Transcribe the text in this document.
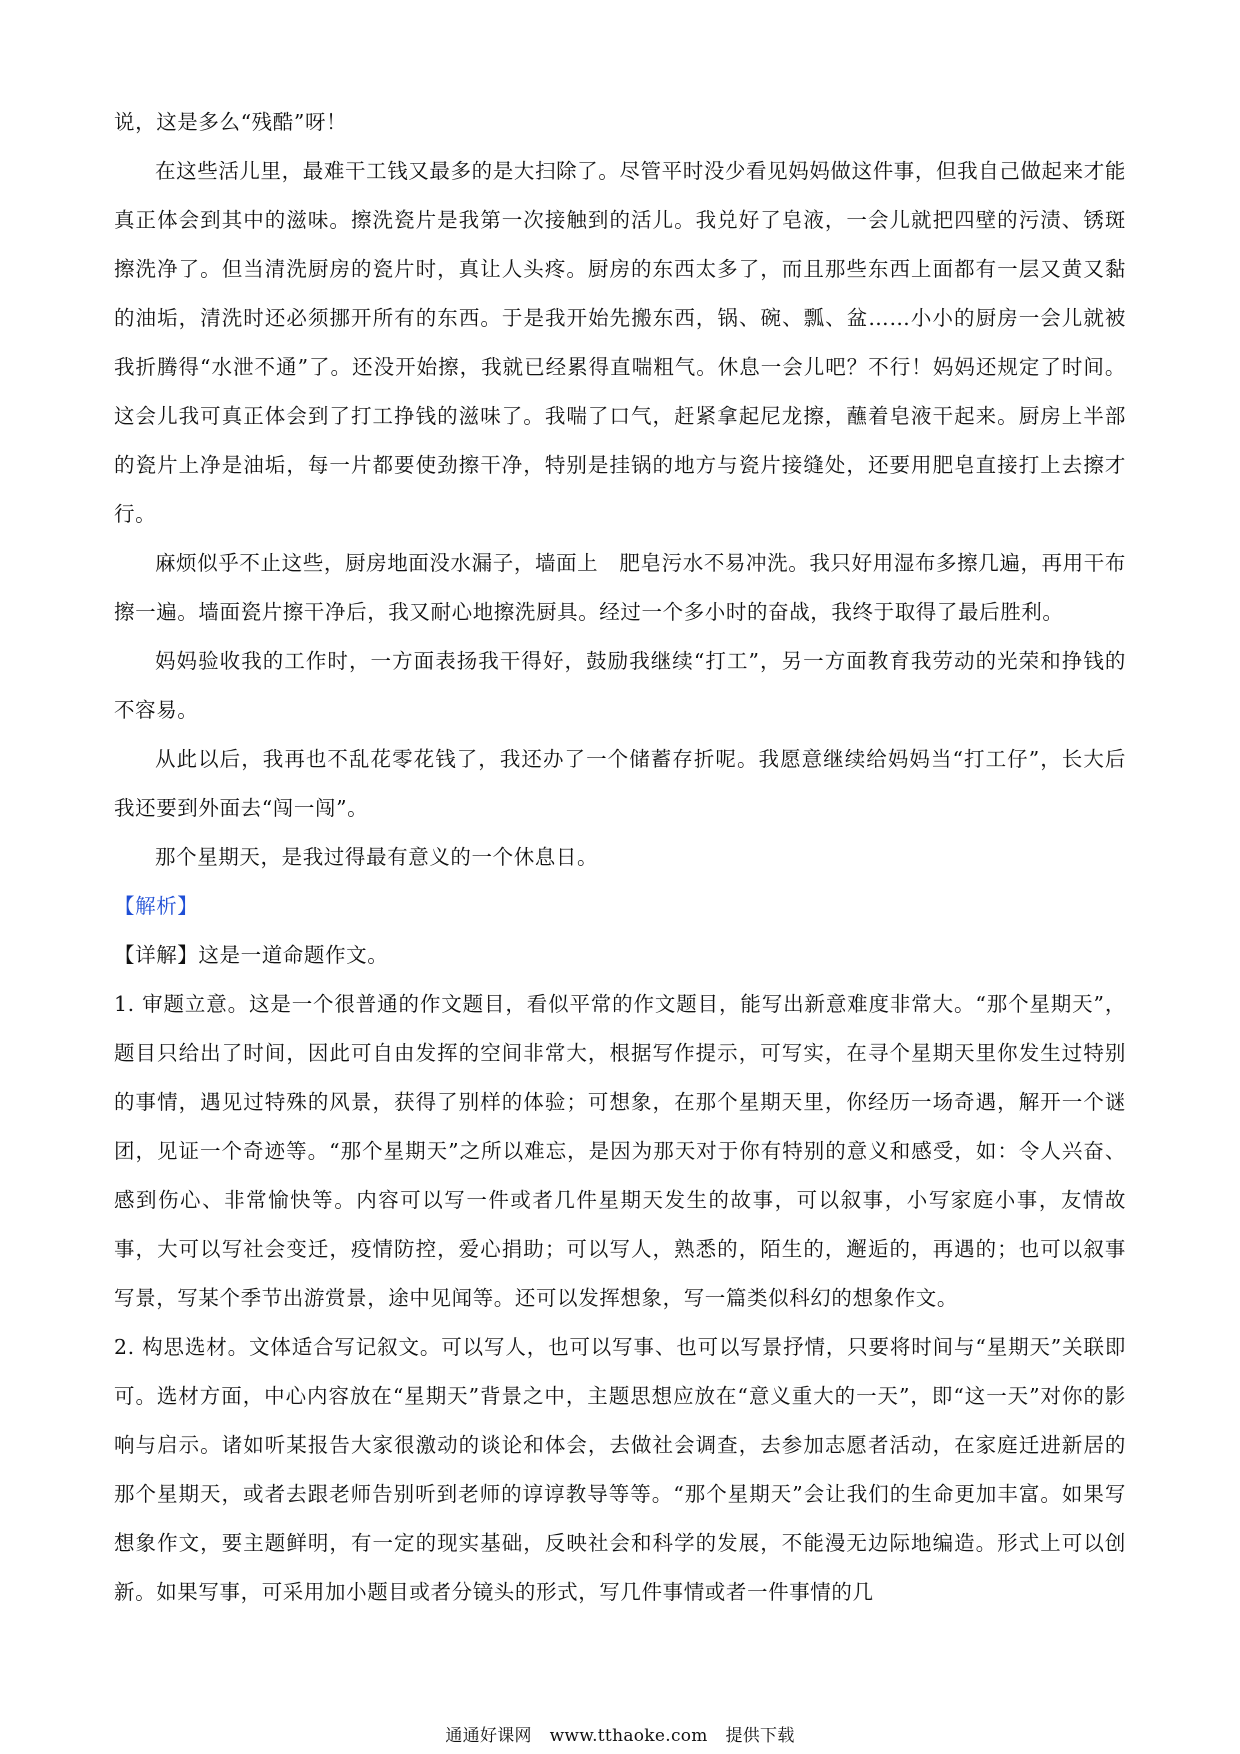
说，这是多么“残酷”呀！

在这些活儿里，最难干工钱又最多的是大扫除了。尽管平时没少看见妈妈做这件事，但我自己做起来才能真正体会到其中的滋味。擦洗瓷片是我第一次接触到的活儿。我兑好了皂液，一会儿就把四壁的污渍、锈斑擦洗净了。但当清洗厨房的瓷片时，真让人头疼。厨房的东西太多了，而且那些东西上面都有一层又黄又黏的油垢，清洗时还必须挪开所有的东西。于是我开始先搬东西，锅、碗、瓢、盆……小小的厨房一会儿就被我折腾得“水泄不通”了。还没开始擦，我就已经累得直喘粗气。休息一会儿吧？不行！妈妈还规定了时间。这会儿我可真正体会到了打工挣钱的滋味了。我喘了口气，赶紧拿起尼龙擦，蘸着皂液干起来。厨房上半部的瓷片上净是油垢，每一片都要使劲擦干净，特别是挂锅的地方与瓷片接缝处，还要用肥皂直接打上去擦才行。

麻烦似乎不止这些，厨房地面没水漏子，墙面上　肥皂污水不易冲洗。我只好用湿布多擦几遍，再用干布擦一遍。墙面瓷片擦干净后，我又耐心地擦洗厨具。经过一个多小时的奋战，我终于取得了最后胜利。

妈妈验收我的工作时，一方面表扬我干得好，鼓励我继续“打工”，另一方面教育我劳动的光荣和挣钱的不容易。

从此以后，我再也不乱花零花钱了，我还办了一个储蓄存折呢。我愿意继续给妈妈当“打工仔”，长大后我还要到外面去“闯一闯”。

那个星期天，是我过得最有意义的一个休息日。

【解析】

【详解】这是一道命题作文。

1. 审题立意。这是一个很普通的作文题目，看似平常的作文题目，能写出新意难度非常大。“那个星期天”，题目只给出了时间，因此可自由发挥的空间非常大，根据写作提示，可写实，在寻个星期天里你发生过特别的事情，遇见过特殊的风景，获得了别样的体验；可想象，在那个星期天里，你经历一场奇遇，解开一个谜团，见证一个奇迹等。“那个星期天”之所以难忘，是因为那天对于你有特别的意义和感受，如：令人兴奋、感到伤心、非常愉快等。内容可以写一件或者几件星期天发生的故事，可以叙事，小写家庭小事，友情故事，大可以写社会变迁，疫情防控，爱心捐助；可以写人，熟悉的，陌生的，邂逅的，再遇的；也可以叙事写景，写某个季节出游赏景，途中见闻等。还可以发挥想象，写一篇类似科幻的想象作文。

2. 构思选材。文体适合写记叙文。可以写人，也可以写事、也可以写景抒情，只要将时间与“星期天”关联即可。选材方面，中心内容放在“星期天”背景之中，主题思想应放在“意义重大的一天”，即“这一天”对你的影响与启示。诸如听某报告大家很激动的谈论和体会，去做社会调查，去参加志愿者活动，在家庭迁进新居的那个星期天，或者去跟老师告别听到老师的谆谆教导等等。“那个星期天”会让我们的生命更加丰富。如果写想象作文，要主题鲜明，有一定的现实基础，反映社会和科学的发展，不能漫无边际地编造。形式上可以创新。如果写事，可采用加小题目或者分镜头的形式，写几件事情或者一件事情的几

通通好课网 www.tthaoke.com 提供下载
